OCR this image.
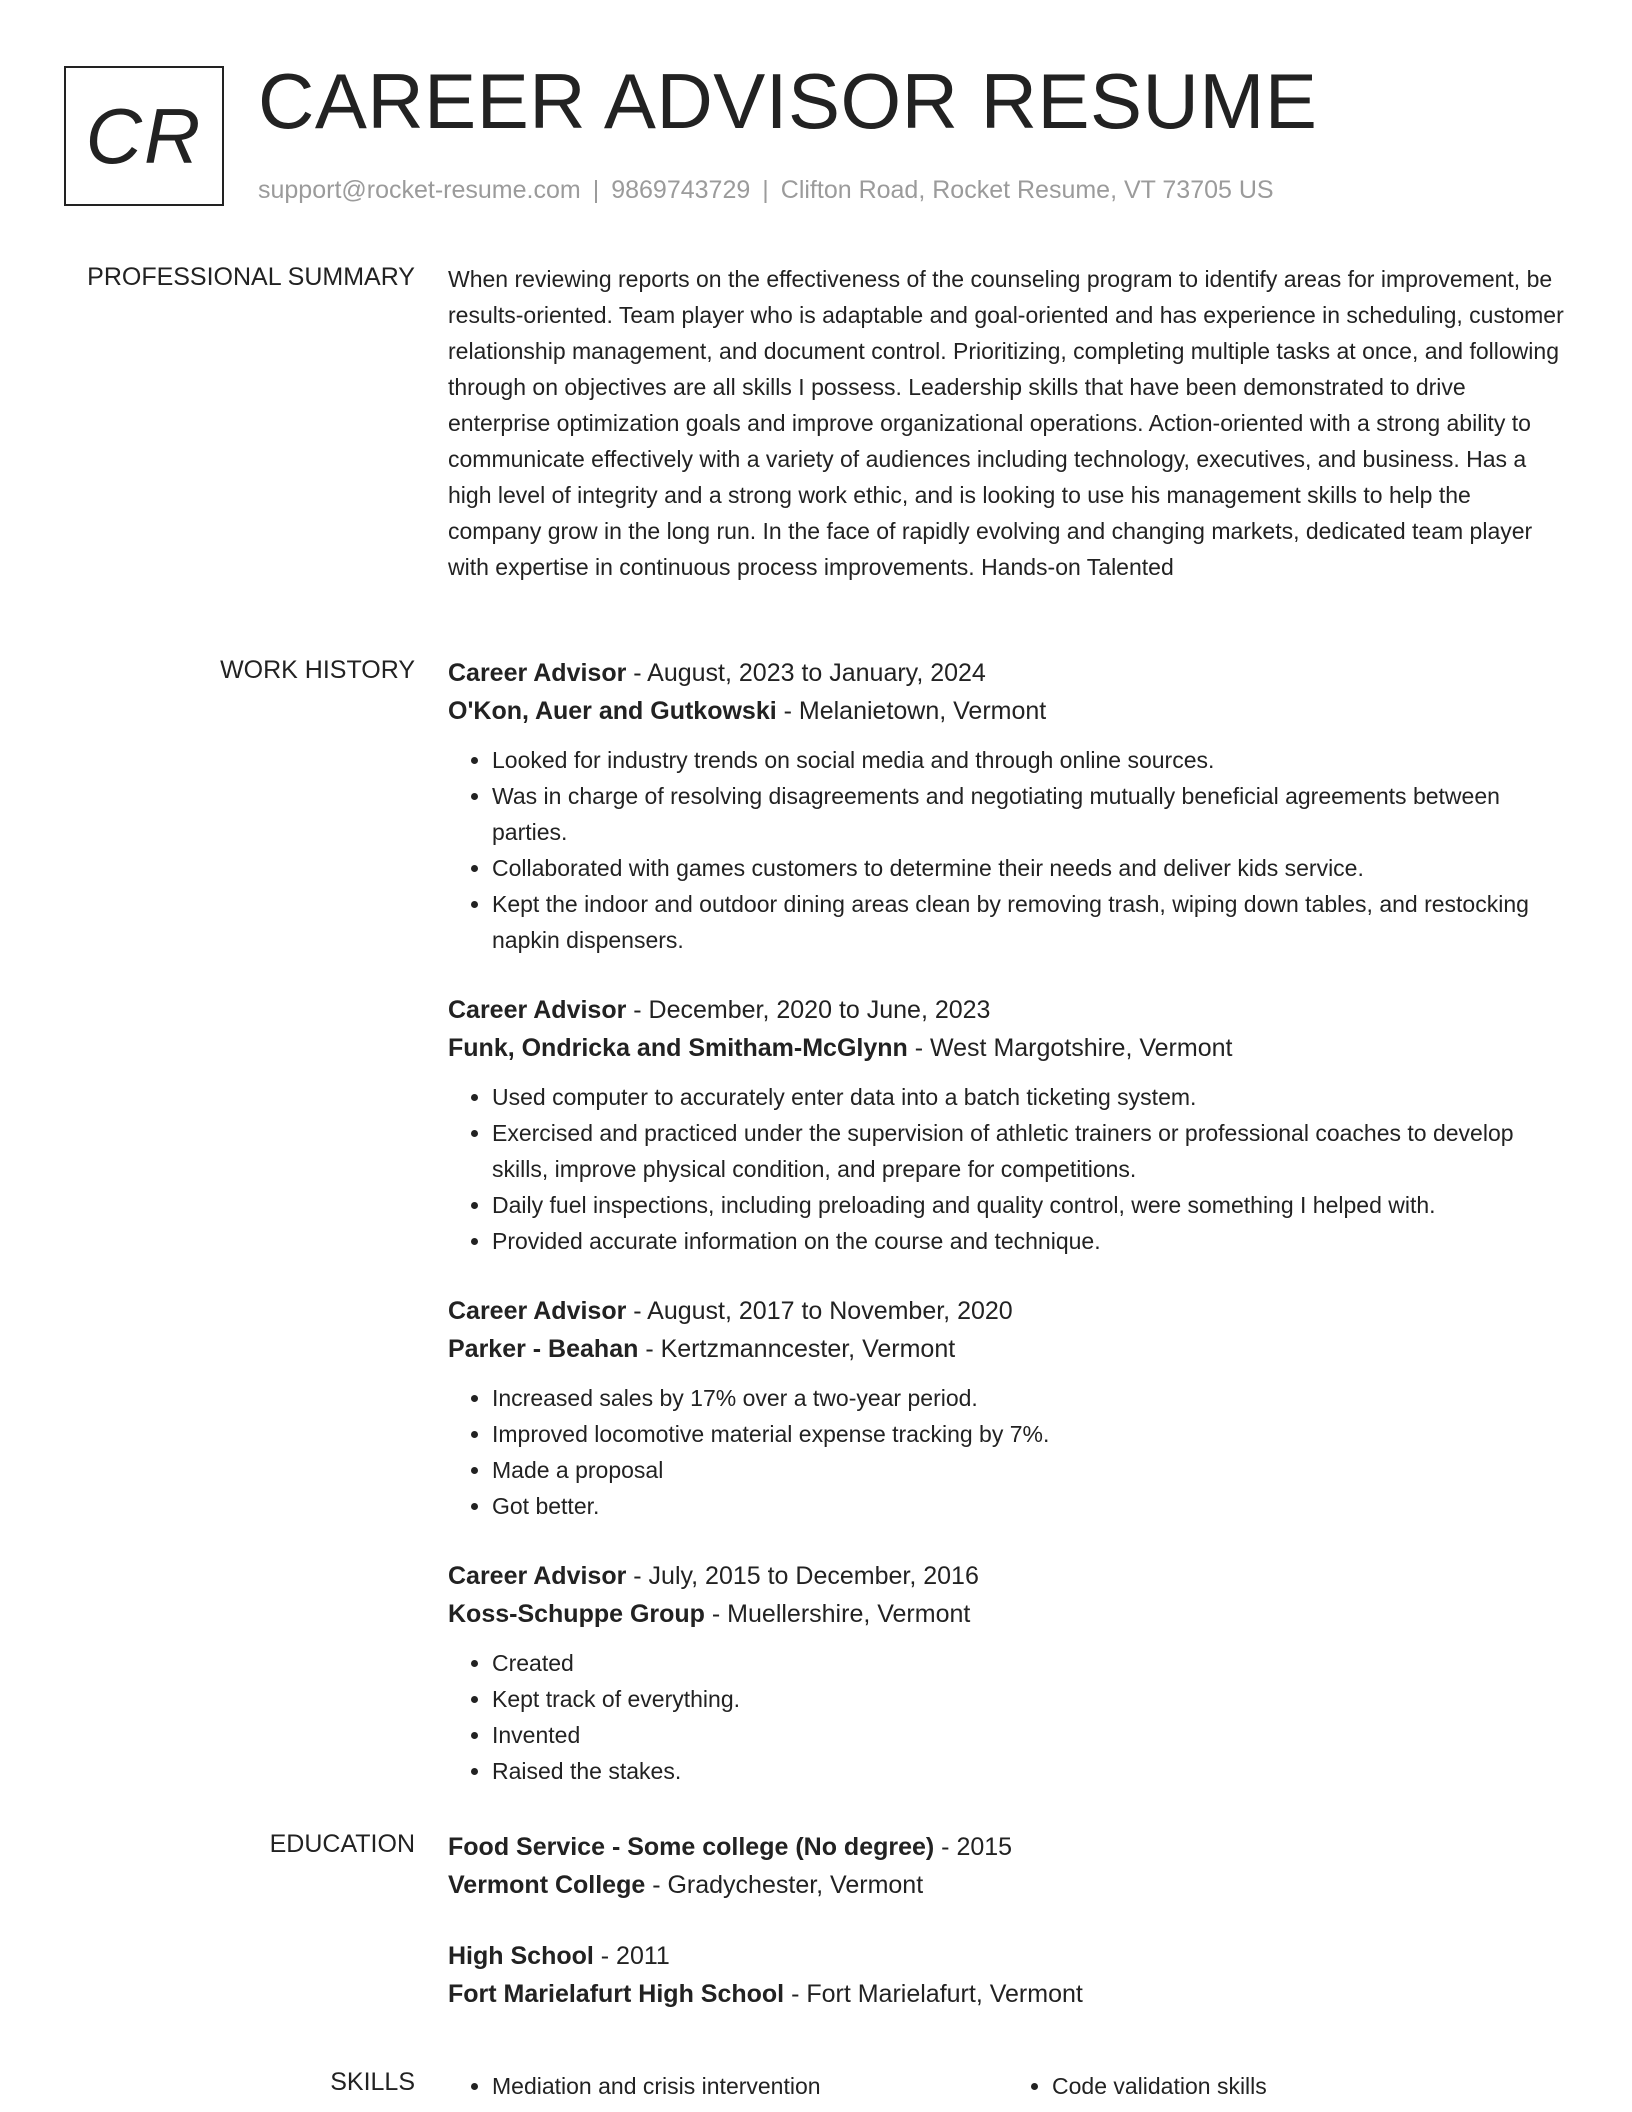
CR CAREER ADVISOR RESUME
support@rocket-resume.com | 9869743729 | Clifton Road, Rocket Resume, VT 73705 US
PROFESSIONAL SUMMARY When reviewing reports on the effectiveness of the counseling program to identify areas for improvement, be results-oriented. Team player who is adaptable and goal-oriented and has experience in scheduling, customer relationship management, and document control. Prioritizing, completing multiple tasks at once, and following through on objectives are all skills I possess. Leadership skills that have been demonstrated to drive enterprise optimization goals and improve organizational operations. Action-oriented with a strong ability to communicate effectively with a variety of audiences including technology, executives, and business. Has a high level of integrity and a strong work ethic, and is looking to use his management skills to help the company grow in the long run. In the face of rapidly evolving and changing markets, dedicated team player with expertise in continuous process improvements. Hands-on Talented

WORK HISTORY Career Advisor - August, 2023 to January, 2024
O'Kon, Auer and Gutkowski - Melanietown, Vermont
• Looked for industry trends on social media and through online sources.
• Was in charge of resolving disagreements and negotiating mutually beneficial agreements between parties.
• Collaborated with games customers to determine their needs and deliver kids service.
• Kept the indoor and outdoor dining areas clean by removing trash, wiping down tables, and restocking napkin dispensers.
Career Advisor - December, 2020 to June, 2023
Funk, Ondricka and Smitham-McGlynn - West Margotshire, Vermont
• Used computer to accurately enter data into a batch ticketing system.
• Exercised and practiced under the supervision of athletic trainers or professional coaches to develop skills, improve physical condition, and prepare for competitions.
• Daily fuel inspections, including preloading and quality control, were something I helped with.
• Provided accurate information on the course and technique.
Career Advisor - August, 2017 to November, 2020
Parker - Beahan - Kertzmanncester, Vermont
• Increased sales by 17% over a two-year period.
• Improved locomotive material expense tracking by 7%.
• Made a proposal
• Got better.
Career Advisor - July, 2015 to December, 2016
Koss-Schuppe Group - Muellershire, Vermont
• Created
• Kept track of everything.
• Invented
• Raised the stakes.
EDUCATION Food Service - Some college (No degree) - 2015
Vermont College - Gradychester, Vermont
High School - 2011
Fort Marielafurt High School - Fort Marielafurt, Vermont
SKILLS	• Mediation and crisis intervention	• Code validation skills
